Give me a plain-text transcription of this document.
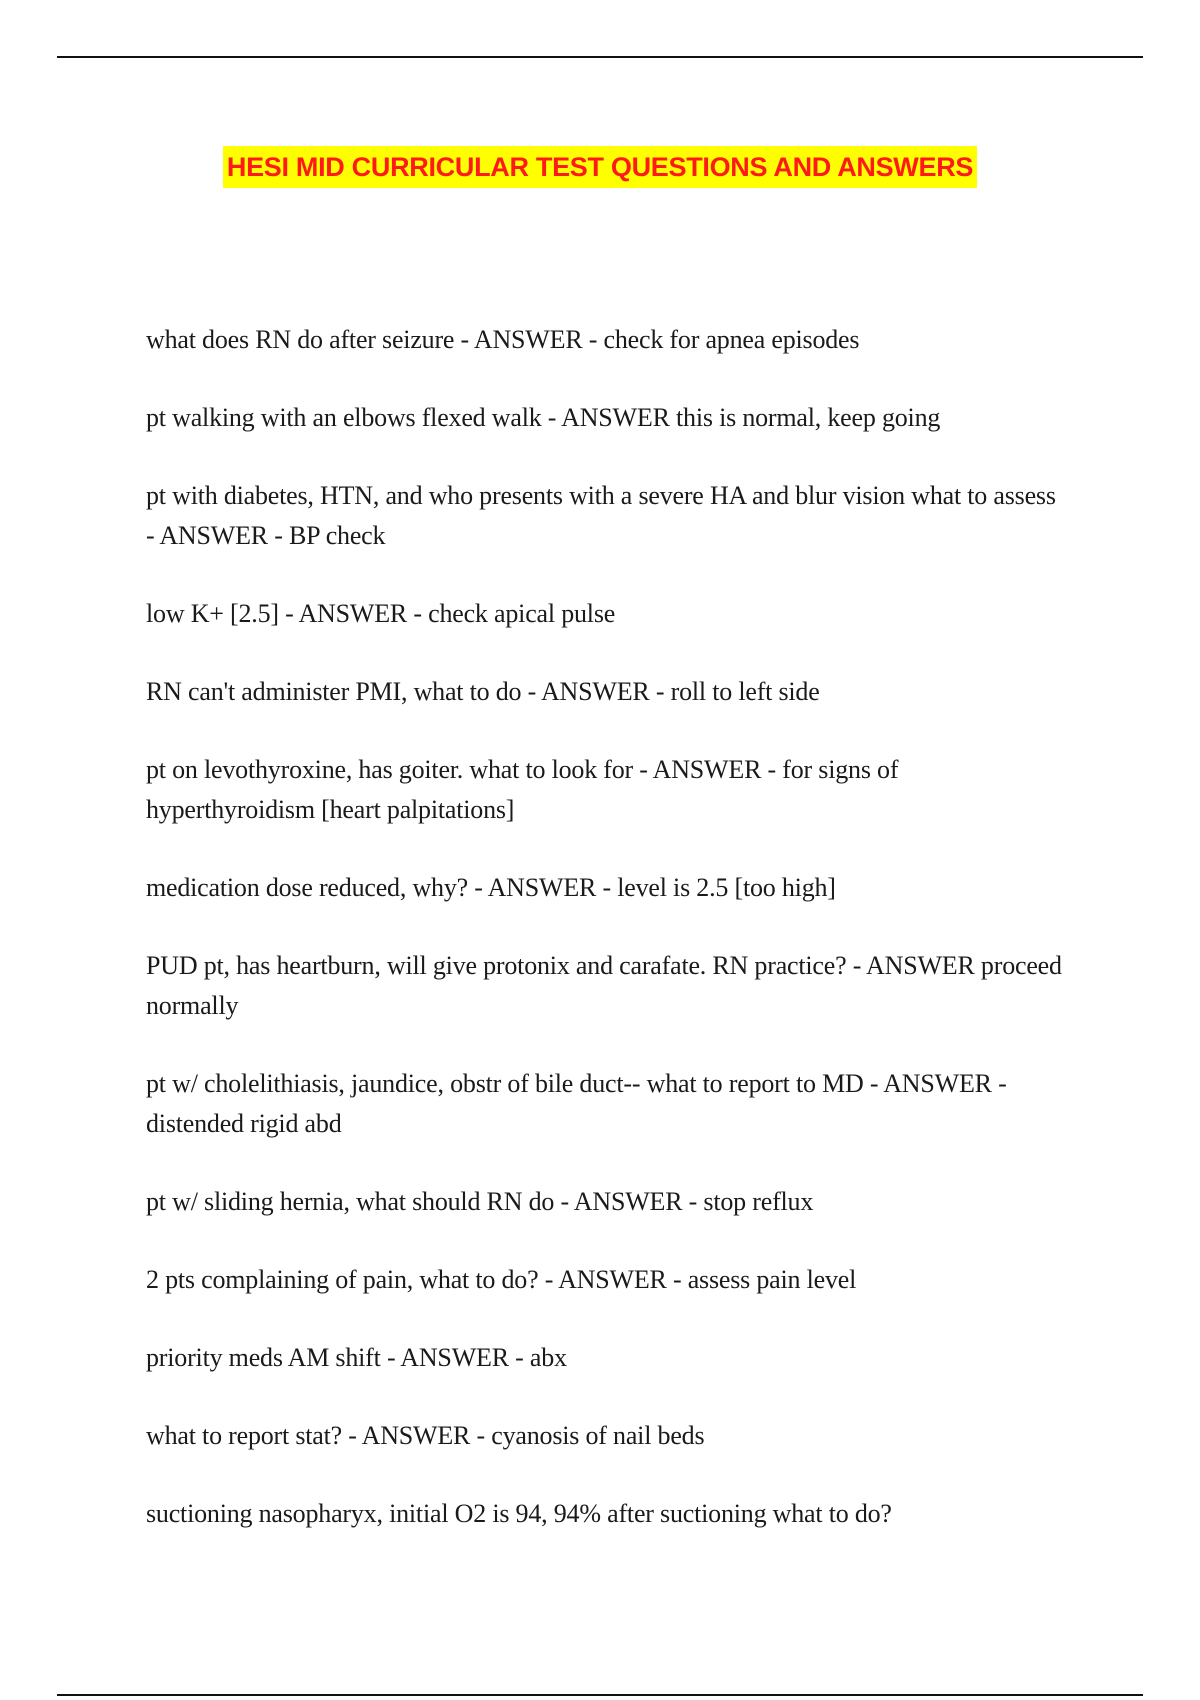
HESI MID CURRICULAR TEST QUESTIONS AND ANSWERS
what does RN do after seizure - ANSWER - check for apnea episodes
pt walking with an elbows flexed walk - ANSWER this is normal, keep going
pt with diabetes, HTN, and who presents with a severe HA and blur vision what to assess - ANSWER - BP check
low K+ [2.5] - ANSWER - check apical pulse
RN can't administer PMI, what to do - ANSWER - roll to left side
pt on levothyroxine, has goiter. what to look for - ANSWER - for signs of hyperthyroidism [heart palpitations]
medication dose reduced, why? - ANSWER - level is 2.5 [too high]
PUD pt, has heartburn, will give protonix and carafate. RN practice? - ANSWER proceed normally
pt w/ cholelithiasis, jaundice, obstr of bile duct-- what to report to MD - ANSWER - distended rigid abd
pt w/ sliding hernia, what should RN do - ANSWER - stop reflux
2 pts complaining of pain, what to do? - ANSWER - assess pain level
priority meds AM shift - ANSWER - abx
what to report stat? - ANSWER - cyanosis of nail beds
suctioning nasopharyx, initial O2 is 94, 94% after suctioning what to do?
